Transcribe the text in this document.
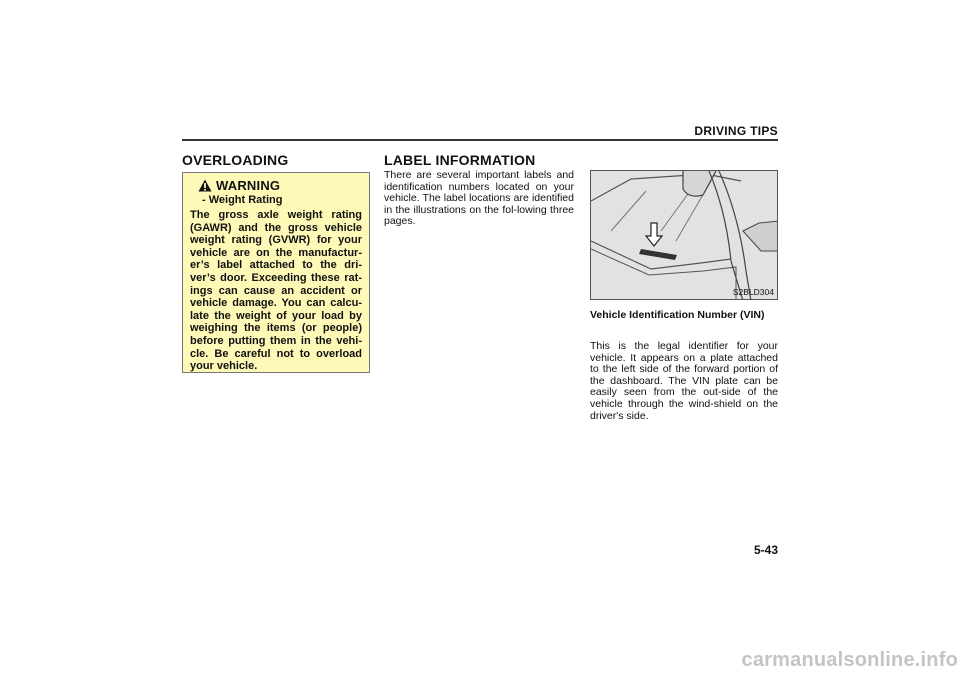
DRIVING TIPS
OVERLOADING
WARNING
- Weight Rating

The gross axle weight rating (GAWR) and the gross vehicle weight rating (GVWR) for your vehicle are on the manufactur-er’s label attached to the dri-ver’s door. Exceeding these rat-ings can cause an accident or vehicle damage. You can calcu-late the weight of your load by weighing the items (or people) before putting them in the vehi-cle. Be careful not to overload your vehicle.

LABEL INFORMATION

There are several important labels and identification numbers located on your vehicle. The label locations are identified in the illustrations on the fol-lowing three pages.

S2BLD304
Vehicle Identification Number (VIN)

This is the legal identifier for your vehicle. It appears on a plate attached to the left side of the forward portion of the dashboard. The VIN plate can be easily seen from the out-side of the vehicle through the wind-shield on the driver's side.

5-43
carmanualsonline.info
